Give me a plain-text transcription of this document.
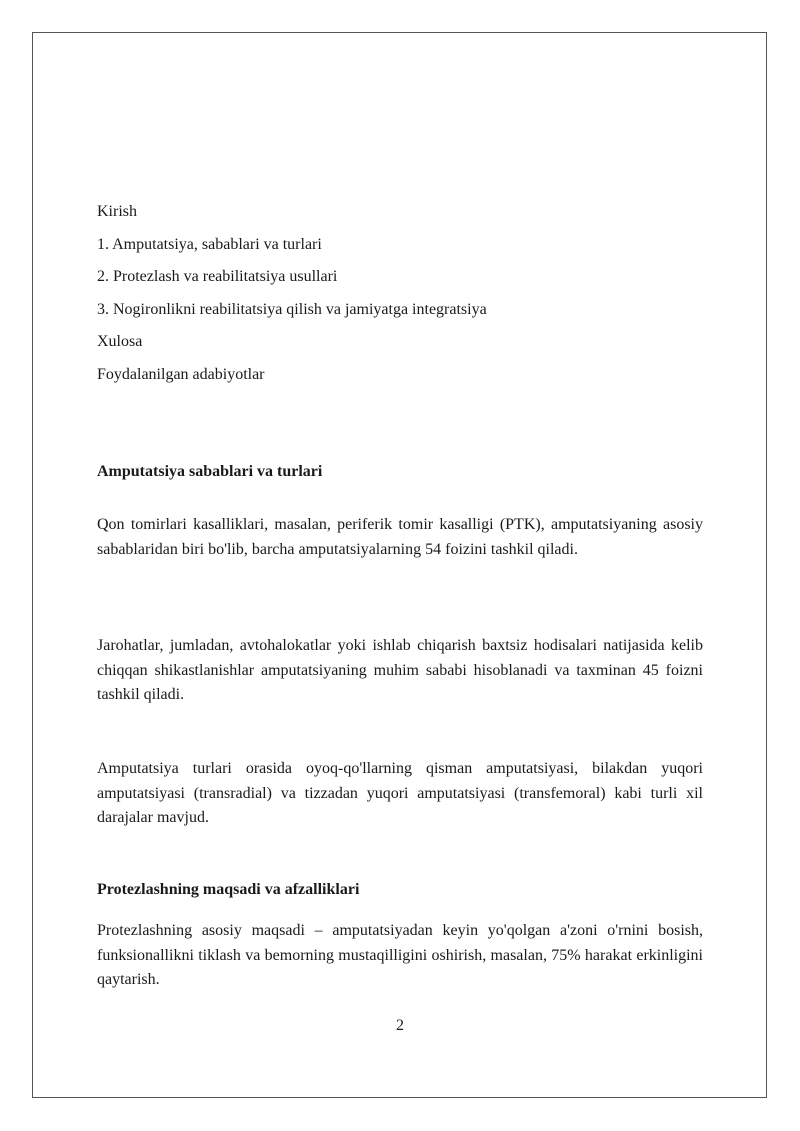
Kirish
1. Amputatsiya, sabablari va turlari
2. Protezlash va reabilitatsiya usullari
3. Nogironlikni reabilitatsiya qilish va jamiyatga integratsiya
Xulosa
Foydalanilgan adabiyotlar
Amputatsiya sabablari va turlari

Qon tomirlari kasalliklari, masalan, periferik tomir kasalligi (PTK), amputatsiyaning asosiy sabablaridan biri bo'lib, barcha amputatsiyalarning 54 foizini tashkil qiladi.

Jarohatlar, jumladan, avtohalokatlar yoki ishlab chiqarish baxtsiz hodisalari natijasida kelib chiqqan shikastlanishlar amputatsiyaning muhim sababi hisoblanadi va taxminan 45 foizni tashkil qiladi.

Amputatsiya turlari orasida oyoq-qo'llarning qisman amputatsiyasi, bilakdan yuqori amputatsiyasi (transradial) va tizzadan yuqori amputatsiyasi (transfemoral) kabi turli xil darajalar mavjud.

Protezlashning maqsadi va afzalliklari

Protezlashning asosiy maqsadi – amputatsiyadan keyin yo'qolgan a'zoni o'rnini bosish, funksionallikni tiklash va bemorning mustaqilligini oshirish, masalan, 75% harakat erkinligini qaytarish.

2
